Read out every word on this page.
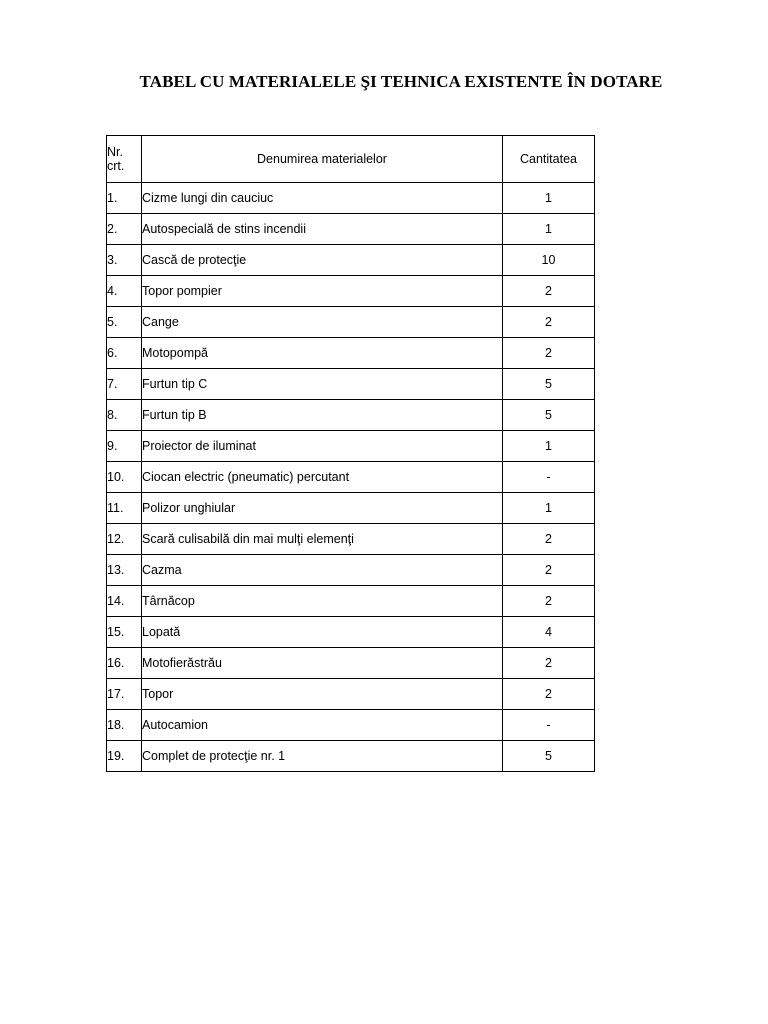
TABEL CU MATERIALELE ŞI TEHNICA EXISTENTE ÎN DOTARE
Nr.
crt.	Denumirea materialelor	Cantitatea
1.	Cizme lungi din cauciuc	1
2.	Autospecială de stins incendii	1
3.	Cască de protecţie	10
4.	Topor pompier	2
5.	Cange	2
6.	Motopompă	2
7.	Furtun tip C	5
8.	Furtun tip B	5
9.	Proiector de iluminat	1
10.	Ciocan electric (pneumatic) percutant	-
11.	Polizor unghiular	1
12.	Scară culisabilă din mai mulţi elemenţi	2
13.	Cazma	2
14.	Târnăcop	2
15.	Lopată	4
16.	Motofierăstrău	2
17.	Topor	2
18.	Autocamion	-
19.	Complet de protecţie nr. 1	5
